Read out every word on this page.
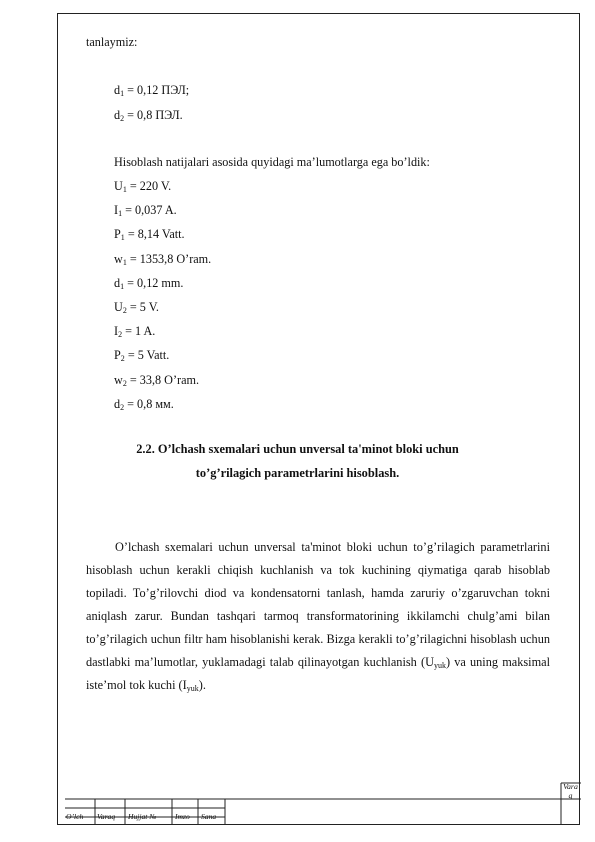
tanlaymiz:
$d_1 = 0,12$ ПЭЛ;
$d_2 = 0,8$ ПЭЛ.
Hisoblash natijalari asosida quyidagi ma’lumotlarga ega bo’ldik:
$U_1 = 220$ V.
$I_1 = 0,037$ A.
$P_1 = 8,14$ Vatt.
$w_1 = 1353,8$ O’ram.
$d_1 = 0,12$ mm.
$U_2 = 5$ V.
$I_2 = 1$ A.
$P_2 = 5$ Vatt.
$w_2 = 33,8$ O’ram.
$d_2 = 0,8$ мм.
2.2. O’lchash sxemalari uchun unversal ta'minot bloki uchun
to’g’rilagich parametrlarini hisoblash.

O’lchash sxemalari uchun unversal ta'minot bloki uchun to’g’rilagich parametrlarini hisoblash uchun kerakli chiqish kuchlanish va tok kuchining qiymatiga qarab hisoblab topiladi. To’g’rilovchi diod va kondensatorni tanlash, hamda zaruriy o’zgaruvchan tokni aniqlash zarur. Bundan tashqari tarmoq transformatorining ikkilamchi chulg’ami bilan to’g’rilagich uchun filtr ham hisoblanishi kerak. Bizga kerakli to’g’rilagichni hisoblash uchun dastlabki ma’lumotlar, yuklamadagi talab qilinayotgan kuchlanish $(U_{yuk})$ va uning maksimal iste’mol tok kuchi $(I_{yuk})$.

O’lch Varaq Hujjat № Imzo Sana
Vara
q
